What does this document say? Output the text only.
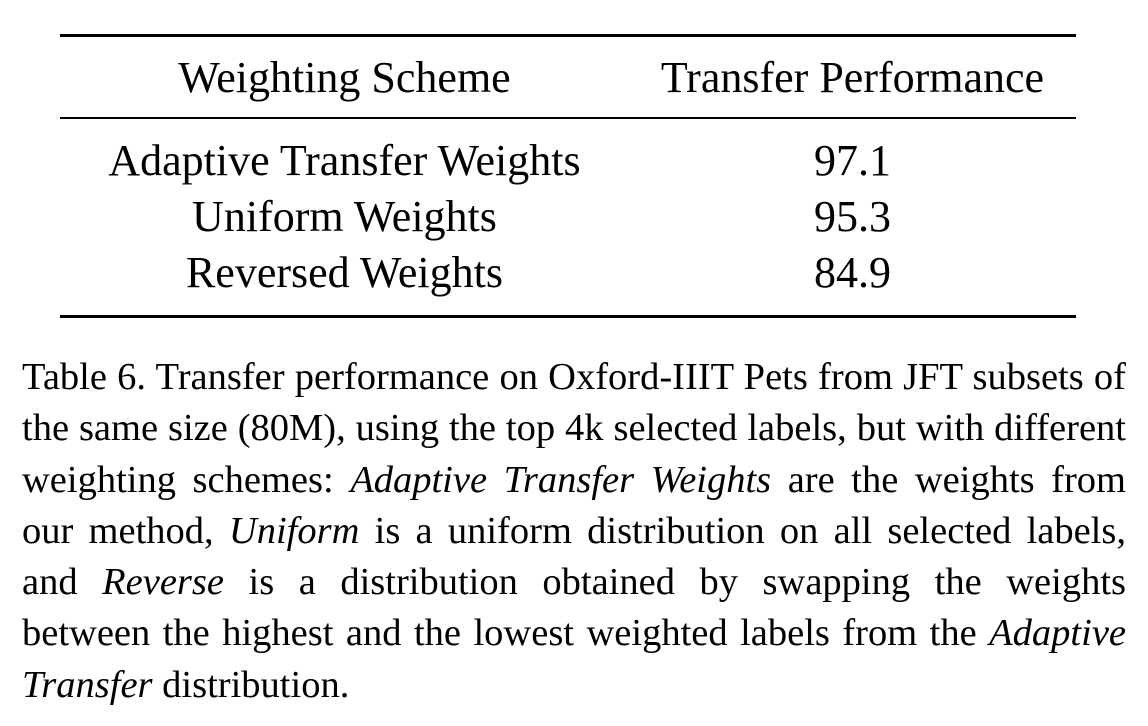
Weighting Scheme	Transfer Performance

Adaptive Transfer Weights	97.1
Uniform Weights	95.3
Reversed Weights	84.9

Table 6. Transfer performance on Oxford-IIIT Pets from JFT subsets of the same size (80M), using the top 4k selected labels, but with different weighting schemes: Adaptive Transfer Weights are the weights from our method, Uniform is a uniform distribution on all selected labels, and Reverse is a distribution obtained by swapping the weights between the highest and the lowest weighted labels from the Adaptive Transfer distribution.
